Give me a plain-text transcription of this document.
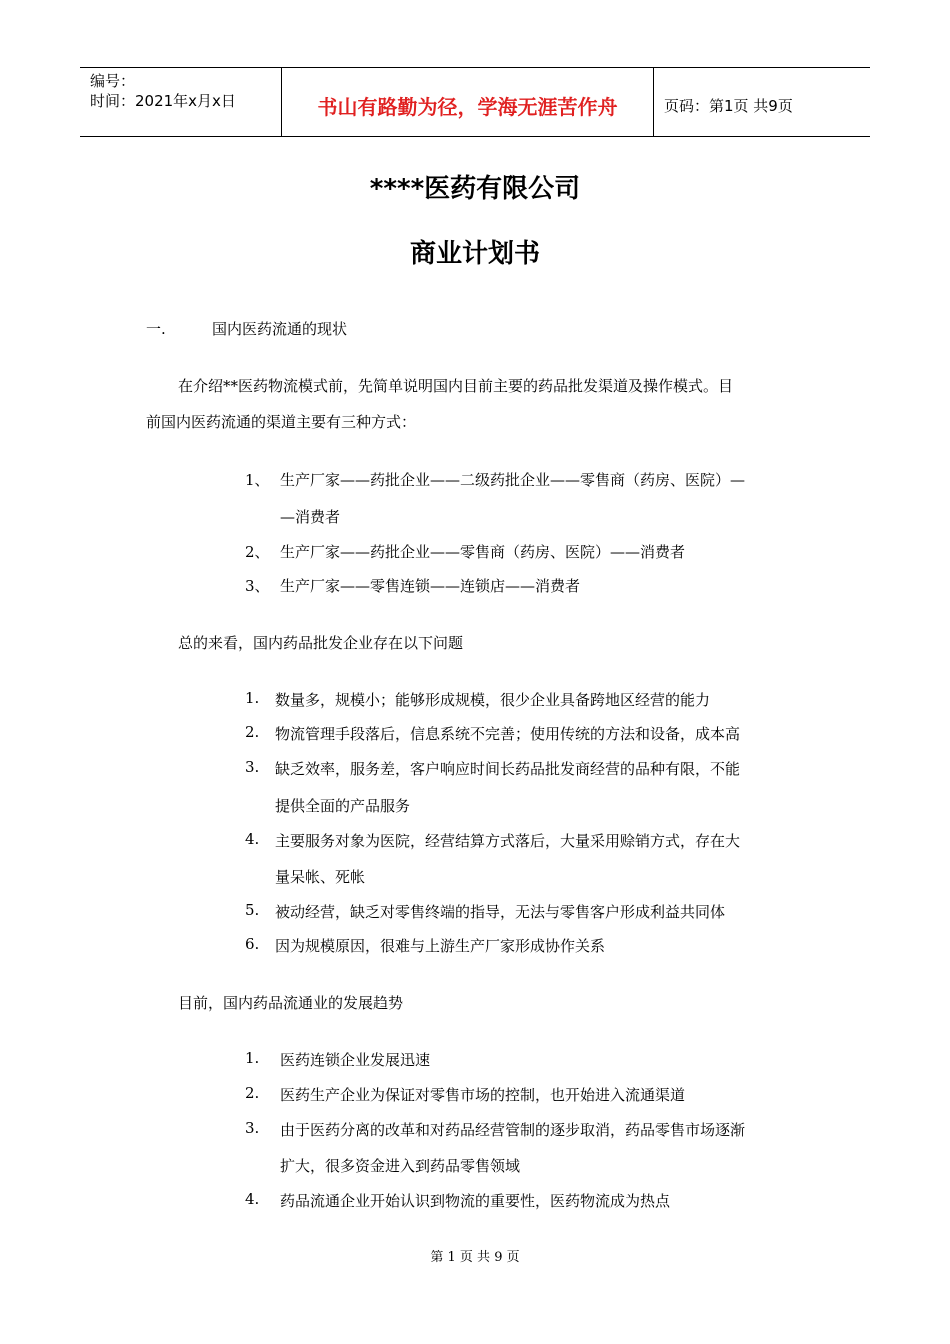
编号：
时间：2021年x月x日	书山有路勤为径，学海无涯苦作舟	页码：第1页 共9页
****医药有限公司
商业计划书
一.	国内医药流通的现状
在介绍**医药物流模式前，先简单说明国内目前主要的药品批发渠道及操作模式。目
前国内医药流通的渠道主要有三种方式：
1、 生产厂家——药批企业——二级药批企业——零售商（药房、医院）—
—消费者
2、 生产厂家——药批企业——零售商（药房、医院）——消费者
3、 生产厂家——零售连锁——连锁店——消费者
总的来看，国内药品批发企业存在以下问题
1. 数量多，规模小；能够形成规模，很少企业具备跨地区经营的能力
2. 物流管理手段落后，信息系统不完善；使用传统的方法和设备，成本高
3. 缺乏效率，服务差，客户响应时间长药品批发商经营的品种有限，不能
提供全面的产品服务
4. 主要服务对象为医院，经营结算方式落后，大量采用赊销方式，存在大
量呆帐、死帐
5. 被动经营，缺乏对零售终端的指导，无法与零售客户形成利益共同体
6. 因为规模原因，很难与上游生产厂家形成协作关系
目前，国内药品流通业的发展趋势
1. 医药连锁企业发展迅速
2. 医药生产企业为保证对零售市场的控制，也开始进入流通渠道
3. 由于医药分离的改革和对药品经营管制的逐步取消，药品零售市场逐渐
扩大，很多资金进入到药品零售领域
4. 药品流通企业开始认识到物流的重要性，医药物流成为热点
第 1 页 共 9 页
